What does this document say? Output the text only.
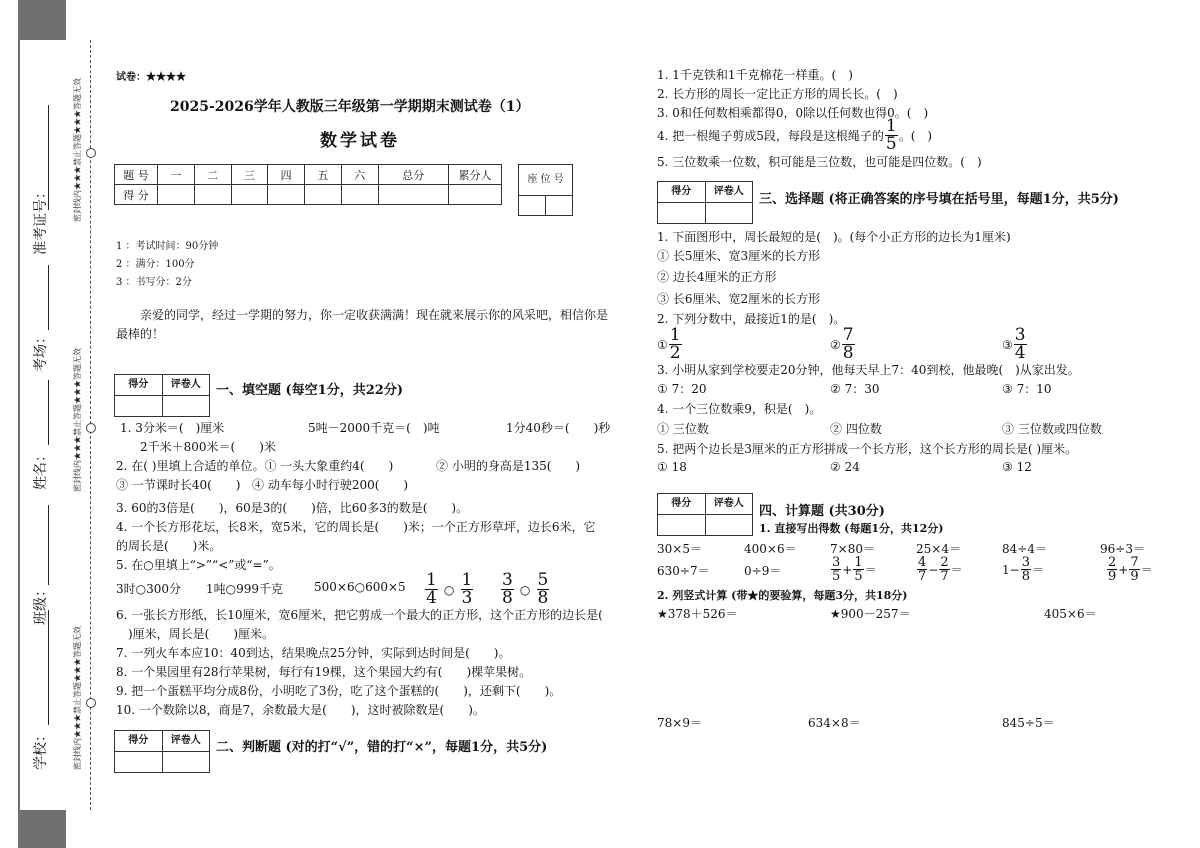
密封线内★★★禁止答题★★★答题无效
密封线内★★★禁止答题★★★答题无效
密封线内★★★禁止答题★★★答题无效
学校：
班级：
姓名：
考场：
准考证号：
试卷：★★★★
2025-2026学年人教版三年级第一学期期末测试卷（1）
数学试卷
题 号	一	二	三	四	五	六	总分	累分人
得 分								
座 位 号

1 ：考试时间：90分钟
2 ：满分：100分
3 ：书写分：2分
亲爱的同学，经过一学期的努力，你一定收获满满！现在就来展示你的风采吧，相信你是
最棒的！
得分	评卷人	一、填空题 (每空1分，共22分)
1. 3分米＝(　)厘米	5吨－2000千克＝(　)吨	1分40秒＝(　　)秒
2千米＋800米＝(　　)米
2. 在( )里填上合适的单位。① 一头大象重约4(　　)	② 小明的身高是135(　　)
③ 一节课时长40(　　) ④ 动车每小时行驶200(　　)
3. 60的3倍是(　　)，60是3的(　　)倍，比60多3的数是(　　)。
4. 一个长方形花坛，长8米，宽5米，它的周长是(　　)米；一个正方形草坪，边长6米，它
的周长是(　　)米。
5. 在○里填上“>”“<”或“=”。
3时○300分 1吨○999千克	500×6○600×5 $\frac{1}{4}$ ○ $\frac{1}{3} \frac{3}{8}$ ○ $\frac{5}{8}$
6. 一张长方形纸，长10厘米，宽6厘米，把它剪成一个最大的正方形，这个正方形的边长是(
)厘米，周长是(　　)厘米。
7. 一列火车本应10：40到达，结果晚点25分钟，实际到达时间是(　　)。
8. 一个果园里有28行苹果树，每行有19棵，这个果园大约有(　　)棵苹果树。
9. 把一个蛋糕平均分成8份，小明吃了3份，吃了这个蛋糕的(　　)，还剩下(　　)。
10. 一个数除以8，商是7，余数最大是(　　)，这时被除数是(　　)。
得分	评卷人	二、判断题 (对的打“√”，错的打“×”，每题1分，共5分)
1. 1千克铁和1千克棉花一样重。(　)
2. 长方形的周长一定比正方形的周长长。(　)
3. 0和任何数相乘都得0，0除以任何数也得0。(　)
4. 把一根绳子剪成5段，每段是这根绳子的 $\frac{1}{5}$ 。(　)
5. 三位数乘一位数，积可能是三位数，也可能是四位数。(　)
得分	评卷人
三、选择题 (将正确答案的序号填在括号里，每题1分，共5分)
1. 下面图形中，周长最短的是(　)。(每个小正方形的边长为1厘米)
① 长5厘米、宽3厘米的长方形
② 边长4厘米的正方形
③ 长6厘米、宽2厘米的长方形
2. 下列分数中，最接近1的是(　)。
① $\frac{1}{2}$	② $\frac{7}{8}$	③ $\frac{3}{4}$
3. 小明从家到学校要走20分钟，他每天早上7：40到校，他最晚(　)从家出发。
① 7：20	② 7：30	③ 7：10
4. 一个三位数乘9，积是(　)。
① 三位数	② 四位数	③ 三位数或四位数
5. 把两个边长是3厘米的正方形拼成一个长方形，这个长方形的周长是( )厘米。
① 18	② 24	③ 12
得分	评卷人
四、计算题 (共30分)
1. 直接写出得数 (每题1分，共12分)
30×5＝	400×6＝	7×80＝	25×4＝	84÷4＝	96÷3＝
630÷7＝	0÷9＝	$\frac{3}{5} + \frac{1}{5}$ ＝	$\frac{4}{7} - \frac{2}{7}$ ＝	$1- \frac{3}{8}$ ＝	$\frac{2}{9} + \frac{7}{9}$ ＝
2. 列竖式计算 (带★的要验算，每题3分，共18分)
★378＋526＝	★900－257＝	405×6＝
78×9＝	634×8＝	845÷5＝
